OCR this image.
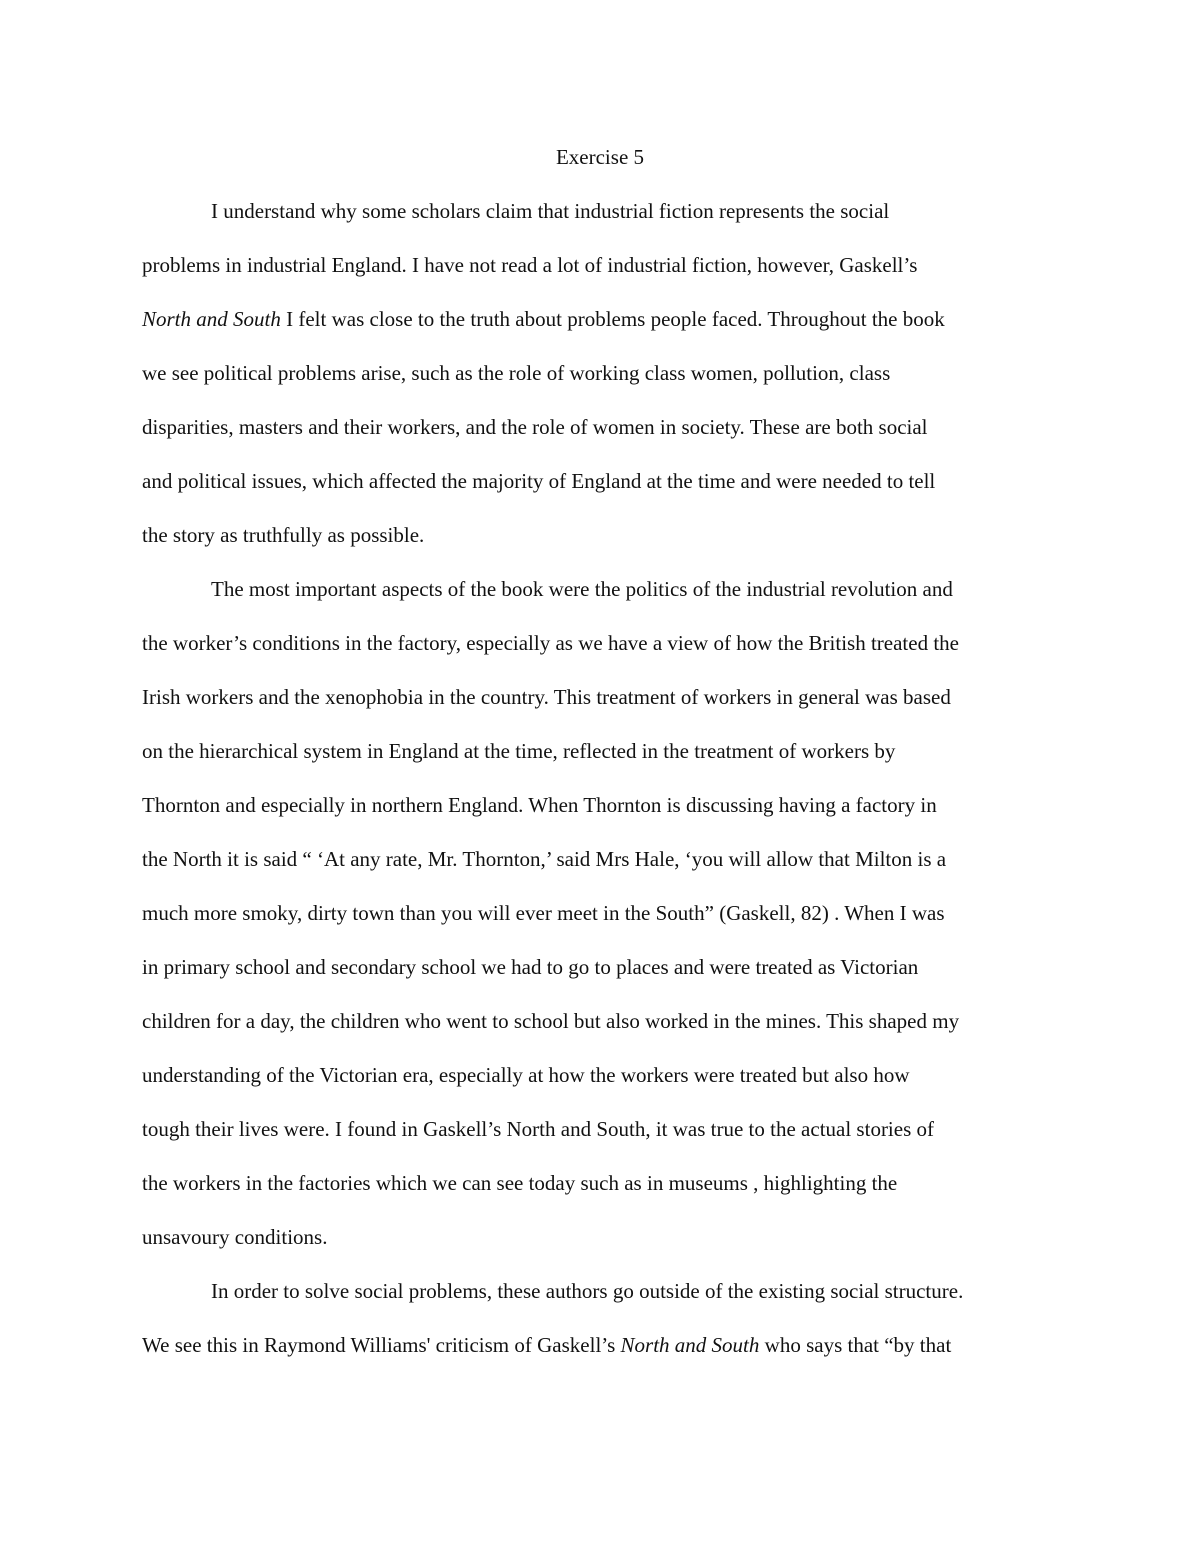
Exercise 5
I understand why some scholars claim that industrial fiction represents the social
problems in industrial England. I have not read a lot of industrial fiction, however, Gaskell’s
North and South I felt was close to the truth about problems people faced. Throughout the book
we see political problems arise, such as the role of working class women, pollution, class
disparities, masters and their workers, and the role of women in society. These are both social
and political issues, which affected the majority of England at the time and were needed to tell
the story as truthfully as possible.
The most important aspects of the book were the politics of the industrial revolution and
the worker’s conditions in the factory, especially as we have a view of how the British treated the
Irish workers and the xenophobia in the country. This treatment of workers in general was based
on the hierarchical system in England at the time, reflected in the treatment of workers by
Thornton and especially in northern England. When Thornton is discussing having a factory in
the North it is said “ ‘At any rate, Mr. Thornton,’ said Mrs Hale, ‘you will allow that Milton is a
much more smoky, dirty town than you will ever meet in the South” (Gaskell, 82) . When I was
in primary school and secondary school we had to go to places and were treated as Victorian
children for a day, the children who went to school but also worked in the mines. This shaped my
understanding of the Victorian era, especially at how the workers were treated but also how
tough their lives were. I found in Gaskell’s North and South, it was true to the actual stories of
the workers in the factories which we can see today such as in museums , highlighting the
unsavoury conditions.
In order to solve social problems, these authors go outside of the existing social structure.
We see this in Raymond Williams' criticism of Gaskell’s North and South who says that “by that
